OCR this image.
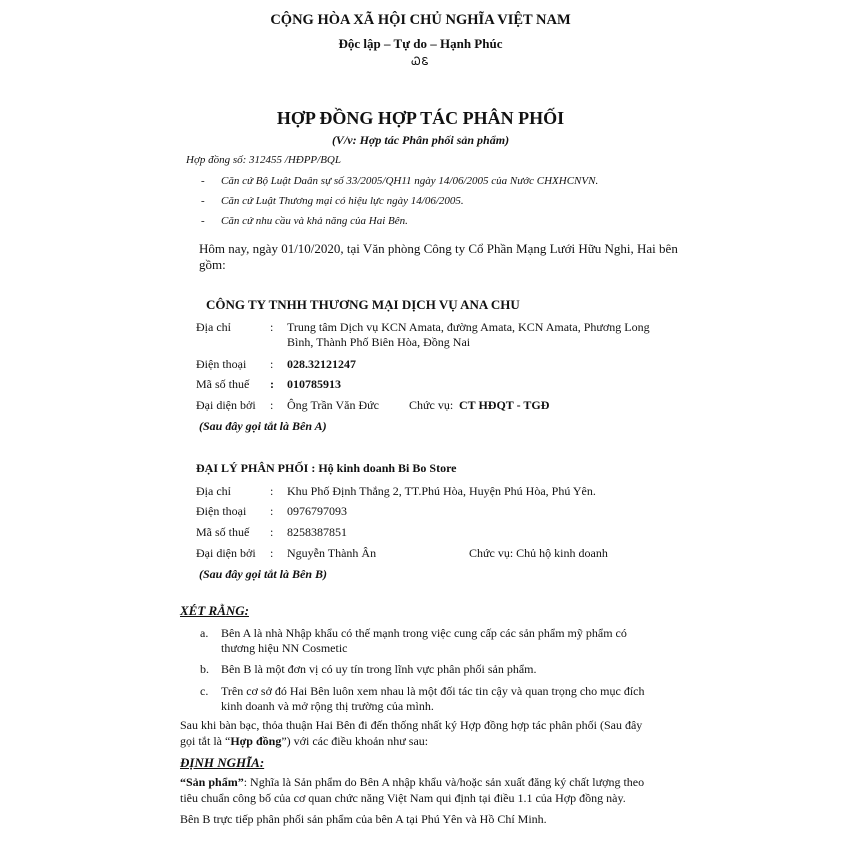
CỘNG HÒA XÃ HỘI CHỦ NGHĨA VIỆT NAM
Độc lập – Tự do – Hạnh Phúc
ᏇᏋ
HỢP ĐỒNG HỢP TÁC PHÂN PHỐI
(V/v: Hợp tác Phân phối sản phẩm)
Hợp đồng số: 312455 /HĐPP/BQL
- Căn cứ Bộ Luật Daân sự số 33/2005/QH11 ngày 14/06/2005 của Nước CHXHCNVN.
- Căn cứ Luật Thương mại có hiệu lực ngày 14/06/2005.
- Căn cứ nhu cầu và khả năng của Hai Bên.
Hôm nay, ngày 01/10/2020, tại Văn phòng Công ty Cổ Phần Mạng Lưới Hữu Nghi, Hai bên
gồm:
CÔNG TY TNHH THƯƠNG MẠI DỊCH VỤ ANA CHU
Địa chỉ	: Trung tâm Dịch vụ KCN Amata, đường Amata, KCN Amata, Phương Long
Bình, Thành Phố Biên Hòa, Đồng Nai
Điện thoại : 028.32121247
Mã số thuế : 010785913
Đại diện bởi : Ông Trần Văn Đức	Chức vụ: CT HĐQT - TGĐ
(Sau đây gọi tắt là Bên A)
ĐẠI LÝ PHÂN PHỐI : Hộ kinh doanh Bi Bo Store
Địa chỉ	: Khu Phố Định Thắng 2, TT.Phú Hòa, Huyện Phú Hòa, Phú Yên.
Điện thoại : 0976797093
Mã số thuế : 8258387851
Đại diện bởi : Nguyễn Thành Ân	Chức vụ: Chủ hộ kinh doanh
(Sau đây gọi tắt là Bên B)
XÉT RẰNG:
a. Bên A là nhà Nhập khẩu có thế mạnh trong việc cung cấp các sản phẩm mỹ phẩm có
thương hiệu NN Cosmetic
b. Bên B là một đơn vị có uy tín trong lĩnh vực phân phối sản phẩm.
c. Trên cơ sở đó Hai Bên luôn xem nhau là một đối tác tin cậy và quan trọng cho mục đích
kinh doanh và mở rộng thị trường của mình.
Sau khi bàn bạc, thỏa thuận Hai Bên đi đến thống nhất ký Hợp đồng hợp tác phân phối (Sau đây
gọi tắt là “Hợp đồng”) với các điều khoản như sau:
ĐỊNH NGHĨA:
“Sản phẩm”: Nghĩa là Sản phẩm do Bên A nhập khẩu và/hoặc sản xuất đăng ký chất lượng theo
tiêu chuẩn công bố của cơ quan chức năng Việt Nam qui định tại điều 1.1 của Hợp đồng này.
Bên B trực tiếp phân phối sản phẩm của bên A tại Phú Yên và Hồ Chí Minh.
